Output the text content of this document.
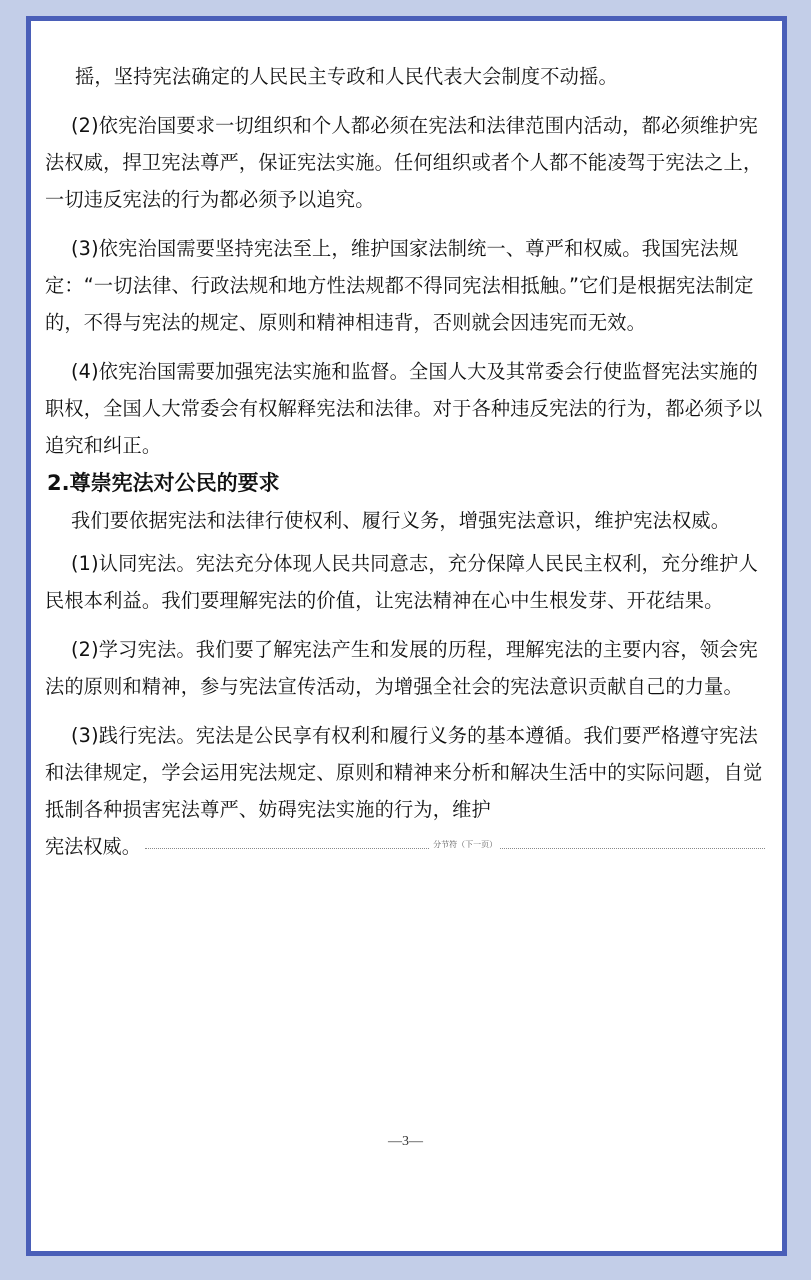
摇，坚持宪法确定的人民民主专政和人民代表大会制度不动摇。

(2)依宪治国要求一切组织和个人都必须在宪法和法律范围内活动，都必须维护宪法权威，捍卫宪法尊严，保证宪法实施。任何组织或者个人都不能凌驾于宪法之上，一切违反宪法的行为都必须予以追究。

(3)依宪治国需要坚持宪法至上，维护国家法制统一、尊严和权威。我国宪法规定：“一切法律、行政法规和地方性法规都不得同宪法相抵触。”它们是根据宪法制定的，不得与宪法的规定、原则和精神相违背，否则就会因违宪而无效。

(4)依宪治国需要加强宪法实施和监督。全国人大及其常委会行使监督宪法实施的职权，全国人大常委会有权解释宪法和法律。对于各种违反宪法的行为，都必须予以追究和纠正。

2.尊崇宪法对公民的要求

我们要依据宪法和法律行使权利、履行义务，增强宪法意识，维护宪法权威。

(1)认同宪法。宪法充分体现人民共同意志，充分保障人民民主权利，充分维护人民根本利益。我们要理解宪法的价值，让宪法精神在心中生根发芽、开花结果。

(2)学习宪法。我们要了解宪法产生和发展的历程，理解宪法的主要内容，领会宪法的原则和精神，参与宪法宣传活动，为增强全社会的宪法意识贡献自己的力量。

(3)践行宪法。宪法是公民享有权利和履行义务的基本遵循。我们要严格遵守宪法和法律规定，学会运用宪法规定、原则和精神来分析和解决生活中的实际问题，自觉抵制各种损害宪法尊严、妨碍宪法实施的行为，维护

宪法权威。	分节符（下一页）
—3—
